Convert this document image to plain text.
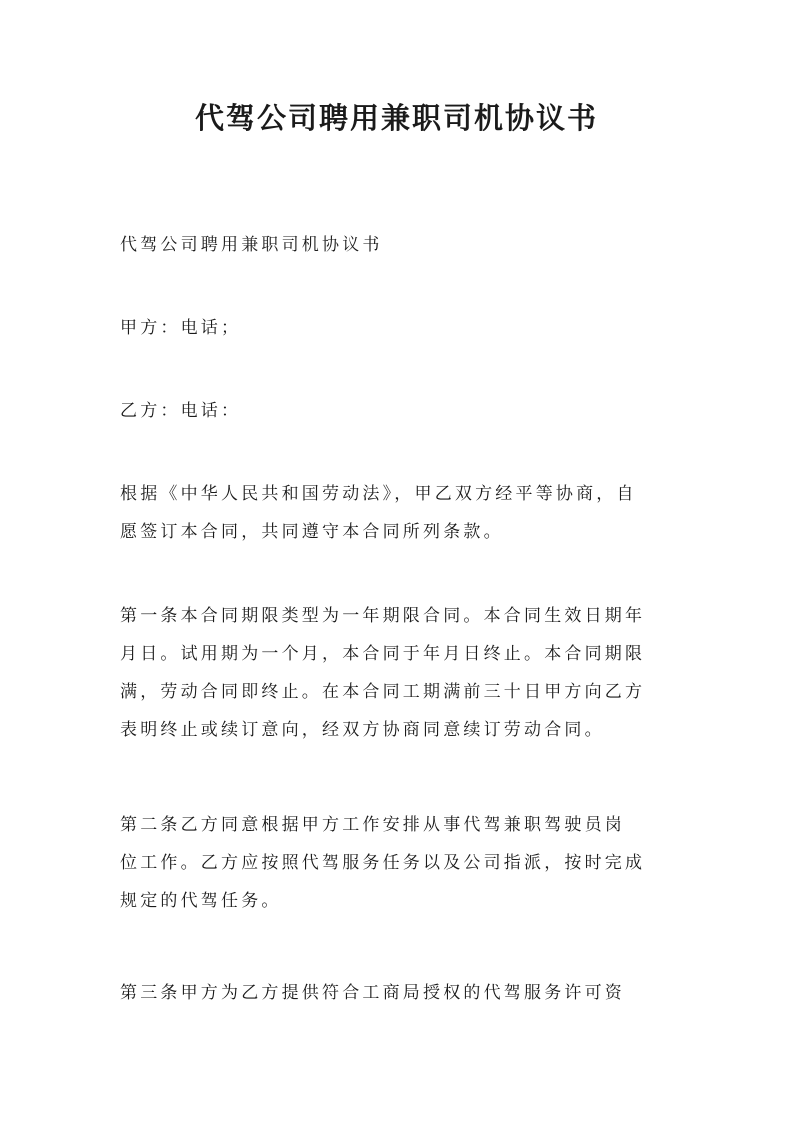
代驾公司聘用兼职司机协议书

代驾公司聘用兼职司机协议书

甲方：电话；

乙方：电话：

根据《中华人民共和国劳动法》，甲乙双方经平等协商，自
愿签订本合同，共同遵守本合同所列条款。

第一条本合同期限类型为一年期限合同。本合同生效日期年
月日。试用期为一个月，本合同于年月日终止。本合同期限
满，劳动合同即终止。在本合同工期满前三十日甲方向乙方
表明终止或续订意向，经双方协商同意续订劳动合同。

第二条乙方同意根据甲方工作安排从事代驾兼职驾驶员岗
位工作。乙方应按照代驾服务任务以及公司指派，按时完成
规定的代驾任务。

第三条甲方为乙方提供符合工商局授权的代驾服务许可资
